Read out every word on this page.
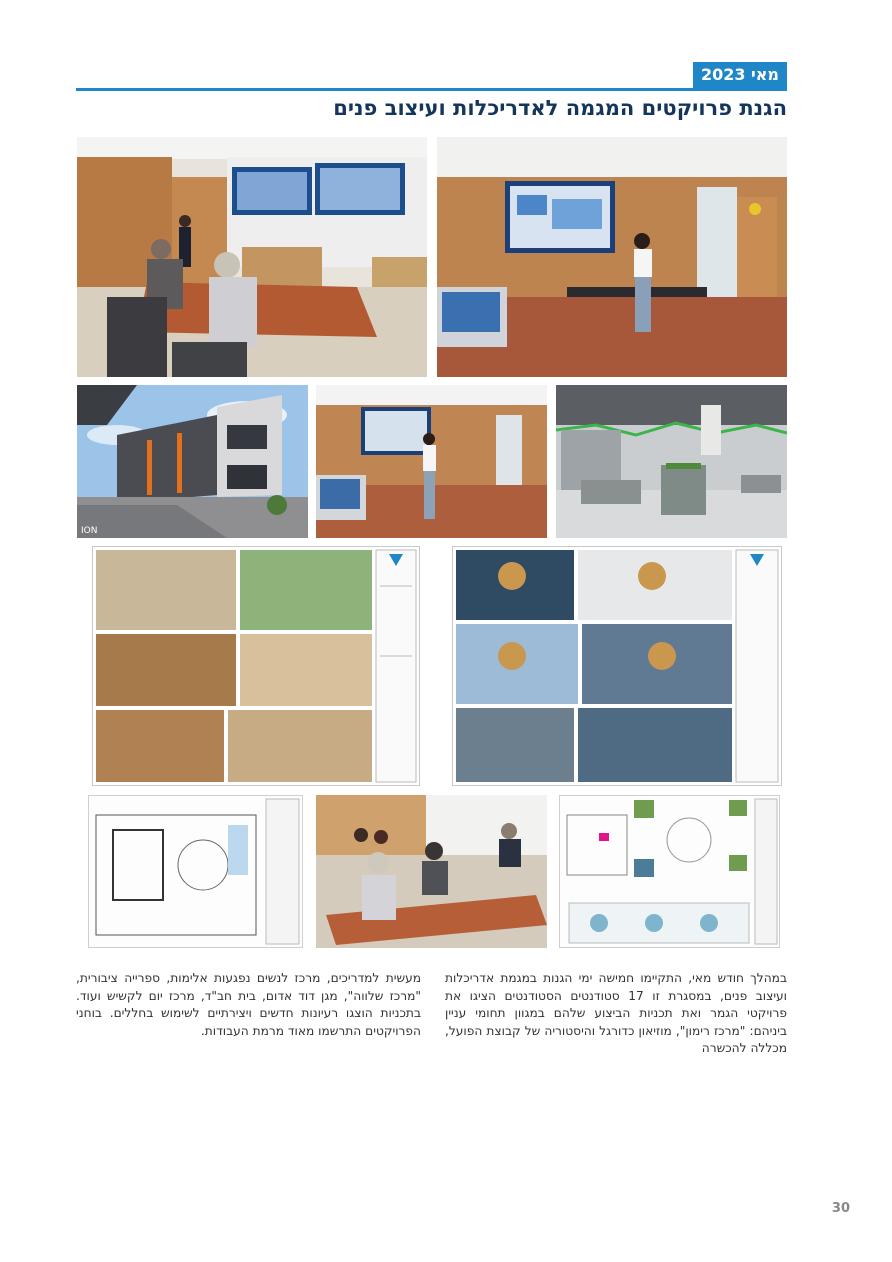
מאי 2023
הגנת פרויקטים המגמה לאדריכלות ועיצוב פנים
ION
במהלך חודש מאי, התקיימו חמישה ימי הגנות במגמת אדריכלות ועיצוב פנים, במסגרת זו 17 סטודנטים הסטודנטים הציגו את פרויקטי הגמר ואת תכניות הביצוע שלהם במגוון תחומי עניין ביניהם: "מרכז רימון", מוזיאון כדורגל והיסטוריה של קבוצת הפועל, מכללה להכשרה
מעשית למדריכים, מרכז לנשים נפגעות אלימות, ספרייה ציבורית, "מרכז שלווה", מגן דוד אדום, בית חב"ד, מרכז יום לקשיש ועוד. בתכניות הוצגו רעיונות חדשים ויצירתיים לשימוש בחללים. בוחני הפרויקטים התרשמו מאוד מרמת העבודות.
30
